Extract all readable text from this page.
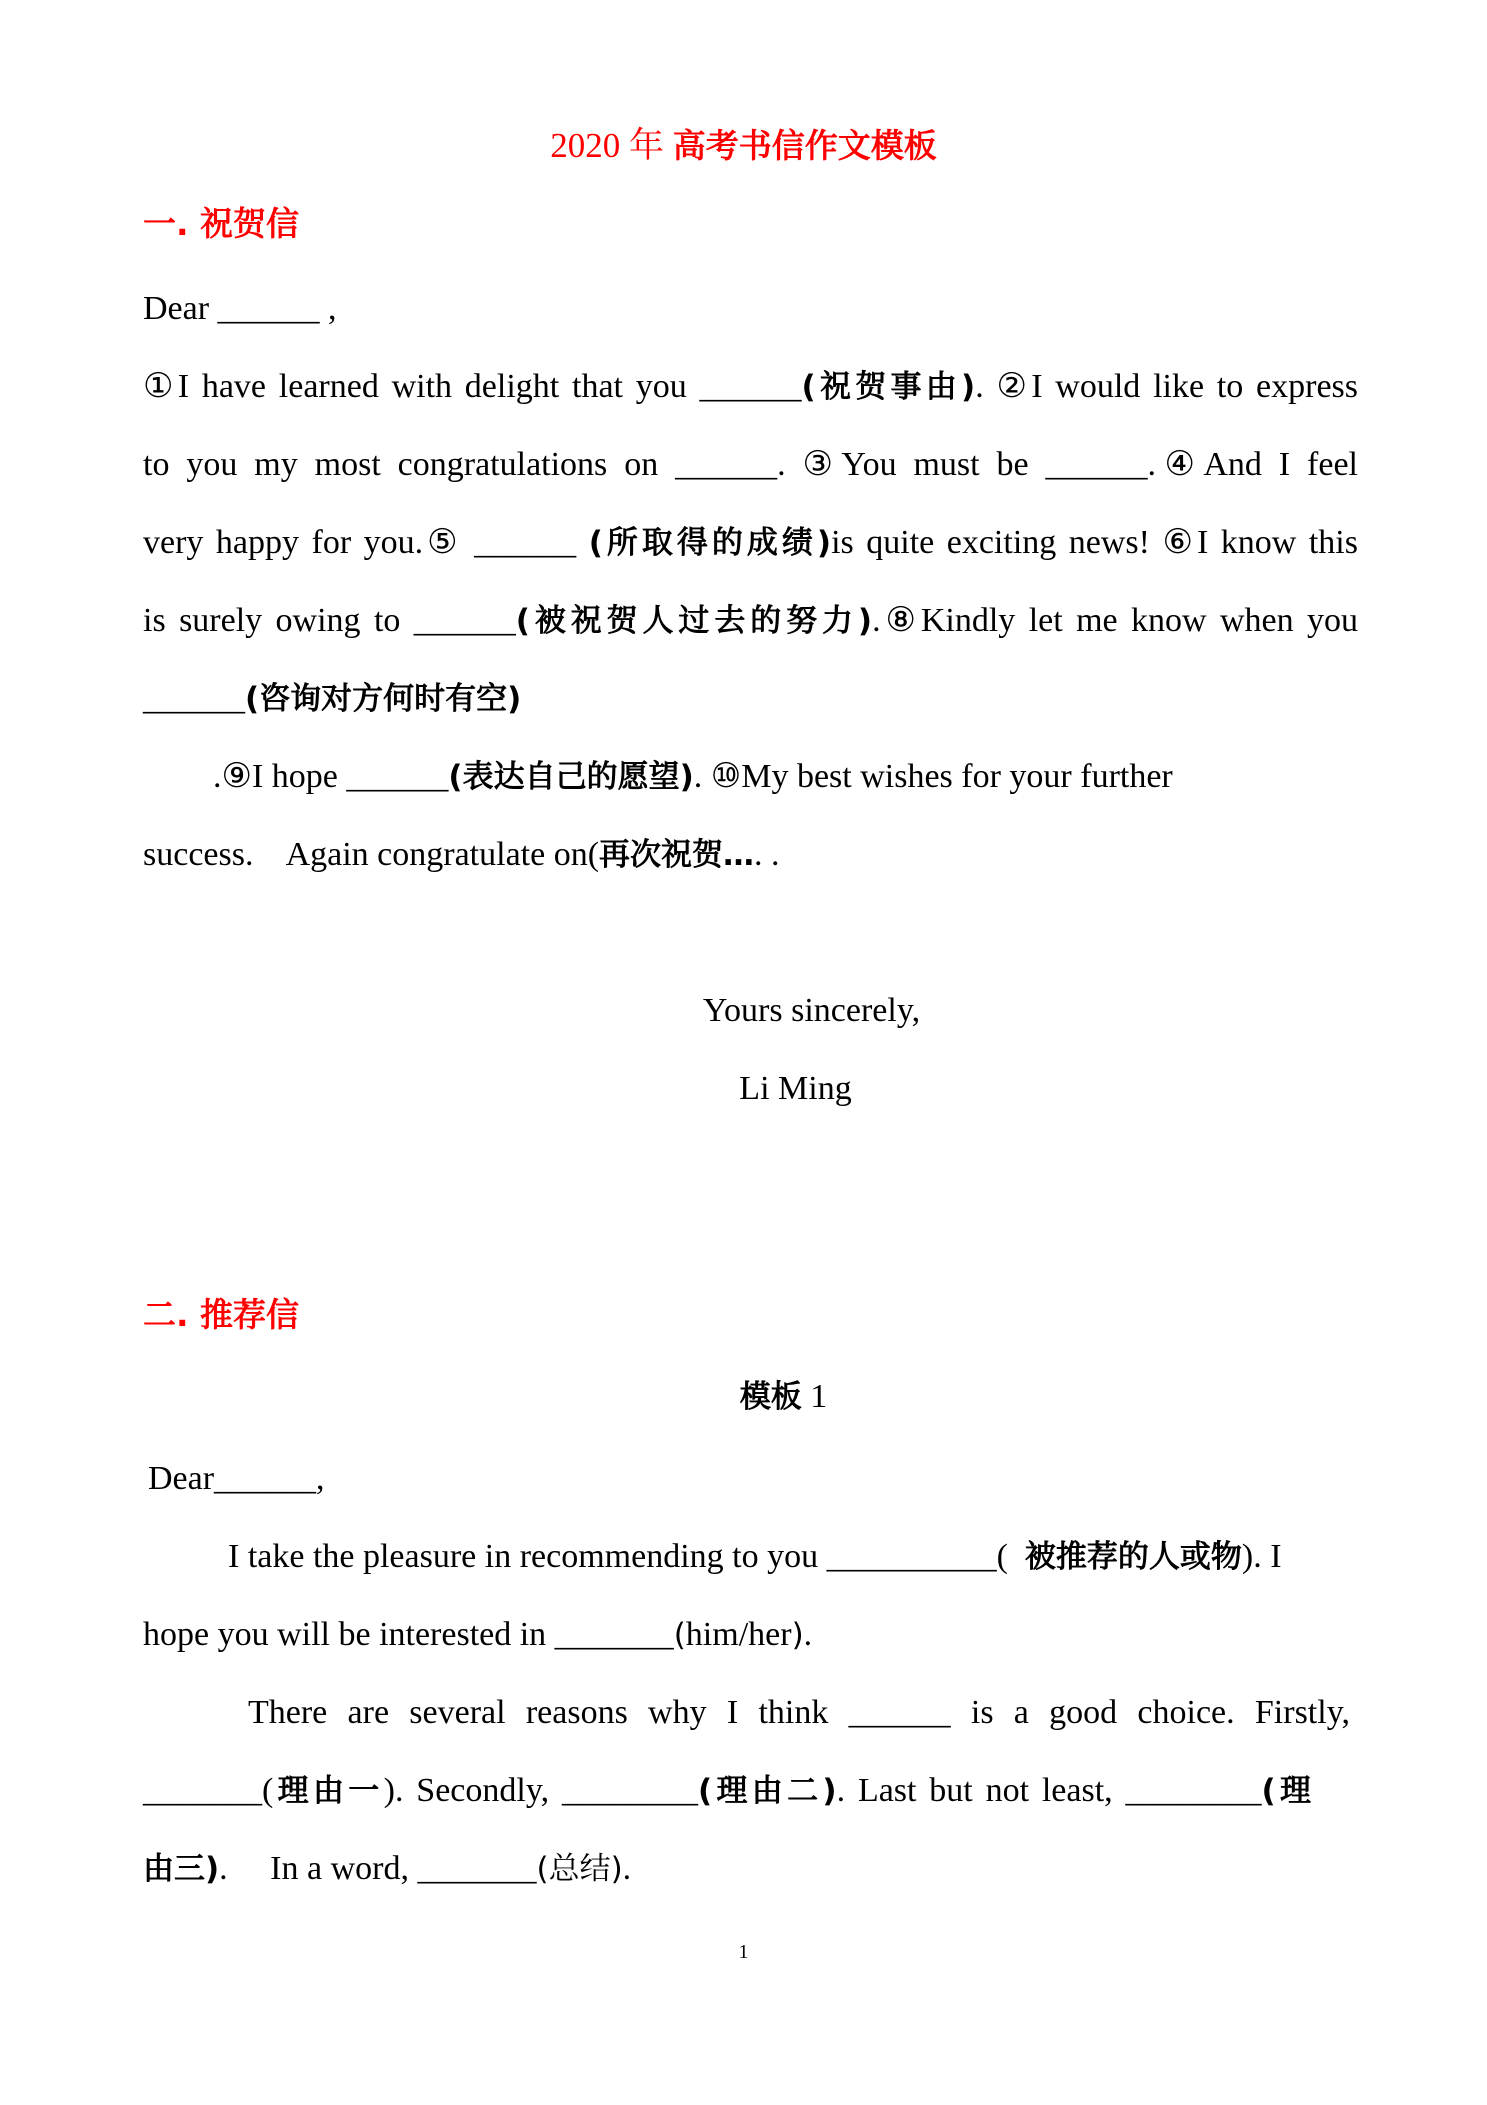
2020 年 高考书信作文模板
一. 祝贺信
Dear ______ ,
①I have learned with delight that you ______(祝贺事由). ②I would like to express
to you my most congratulations on ______. ③You must be ______.④And I feel
very happy for you.⑤ ______ (所取得的成绩)is quite exciting news! ⑥I know this
is surely owing to ______(被祝贺人过去的努力).⑧Kindly let me know when you
______(咨询对方何时有空)
.⑨I hope ______(表达自己的愿望). ⑩My best wishes for your further
success.    Again congratulate on(再次祝贺…. .
Yours sincerely,
Li Ming
二. 推荐信
模板 1
Dear______,
I take the pleasure in recommending to you __________(  被推荐的人或物). I
hope you will be interested in _______(him/her).
There are several reasons why I think ______ is a good choice. Firstly,
_______(理由一). Secondly, ________(理由二). Last but not least, ________(理
由三).     In a word, _______(总结).
1
